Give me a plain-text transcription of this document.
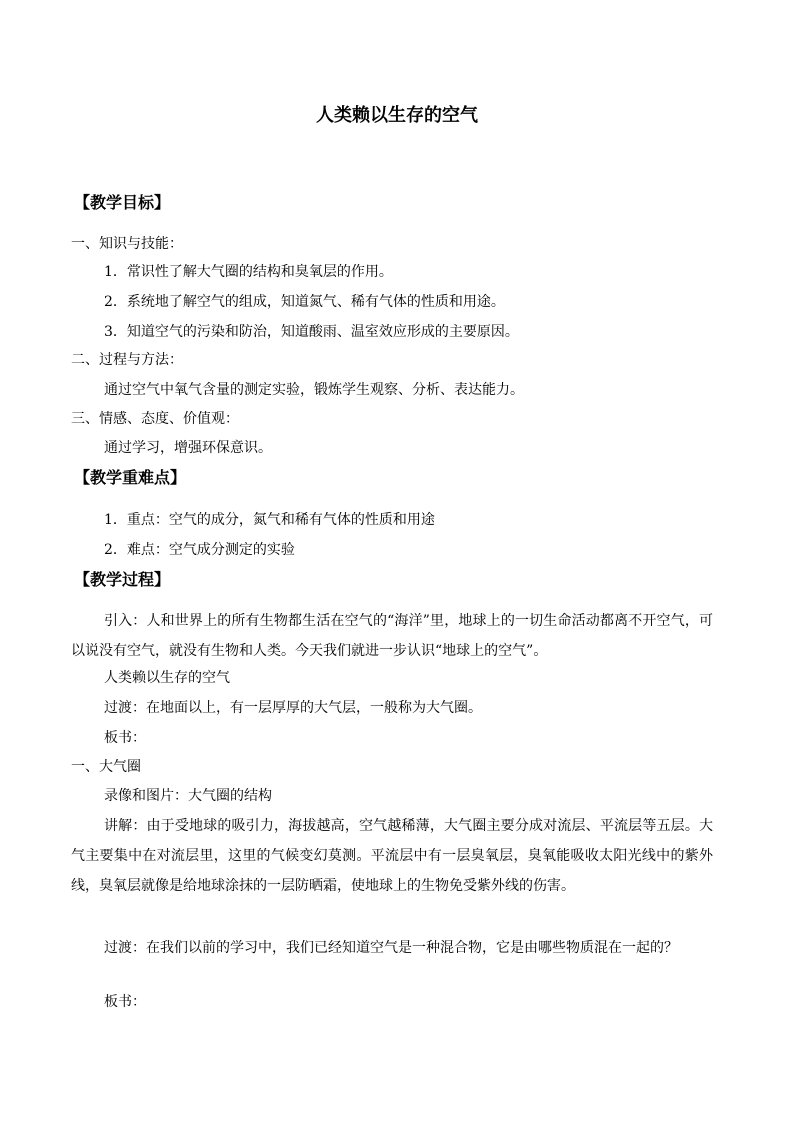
人类赖以生存的空气
【教学目标】
一、知识与技能：
1．常识性了解大气圈的结构和臭氧层的作用。
2．系统地了解空气的组成，知道氮气、稀有气体的性质和用途。
3．知道空气的污染和防治，知道酸雨、温室效应形成的主要原因。
二、过程与方法：
通过空气中氧气含量的测定实验，锻炼学生观察、分析、表达能力。
三、情感、态度、价值观：
通过学习，增强环保意识。
【教学重难点】
1．重点：空气的成分，氮气和稀有气体的性质和用途
2．难点：空气成分测定的实验
【教学过程】
引入：人和世界上的所有生物都生活在空气的“海洋”里，地球上的一切生命活动都离不开空气，可以说没有空气，就没有生物和人类。今天我们就进一步认识“地球上的空气”。
人类赖以生存的空气
过渡：在地面以上，有一层厚厚的大气层，一般称为大气圈。
板书：
一、大气圈
录像和图片：大气圈的结构
讲解：由于受地球的吸引力，海拔越高，空气越稀薄，大气圈主要分成对流层、平流层等五层。大气主要集中在对流层里，这里的气候变幻莫测。平流层中有一层臭氧层，臭氧能吸收太阳光线中的紫外线，臭氧层就像是给地球涂抹的一层防晒霜，使地球上的生物免受紫外线的伤害。
过渡：在我们以前的学习中，我们已经知道空气是一种混合物，它是由哪些物质混在一起的？
板书：
